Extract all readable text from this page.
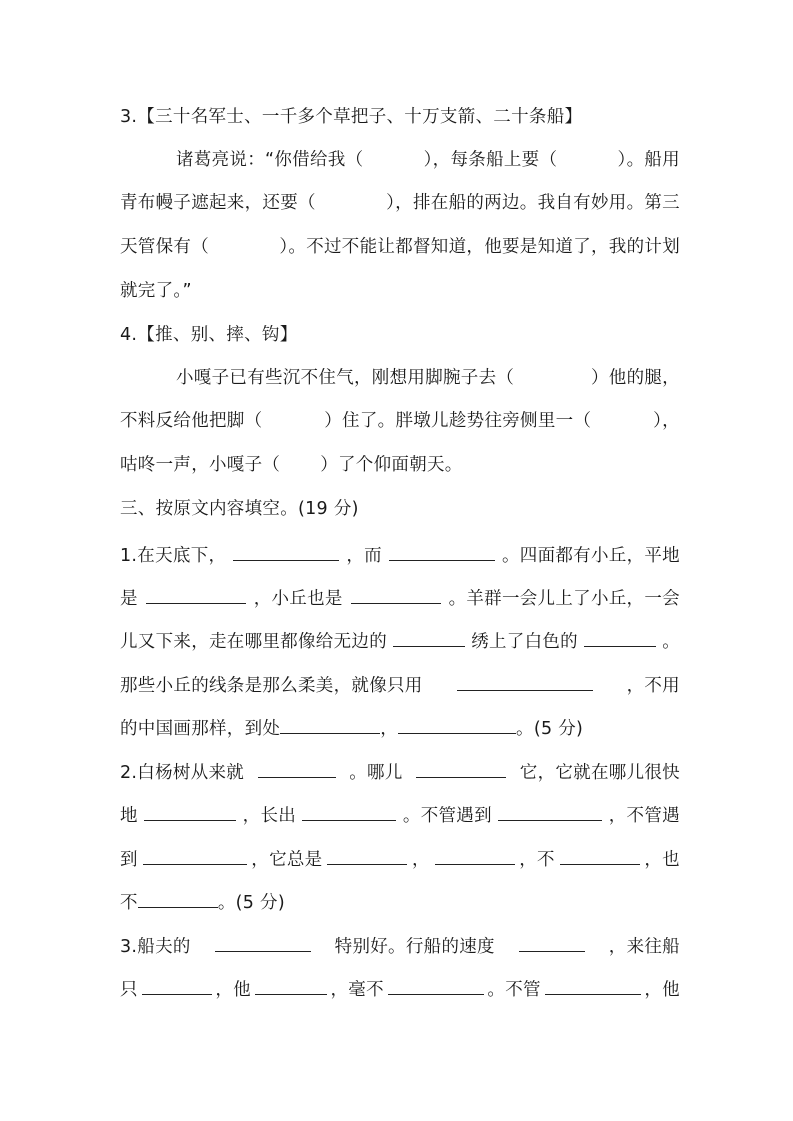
3.【三十名军士、一千多个草把子、十万支箭、二十条船】
诸葛亮说：“你借给我（	），每条船上要（	）。船用
青布幔子遮起来，还要（	），排在船的两边。我自有妙用。第三
天管保有（	）。不过不能让都督知道，他要是知道了，我的计划
就完了。”
4.【推、别、摔、钩】
小嘎子已有些沉不住气，刚想用脚腕子去（	）他的腿，
不料反给他把脚（	）住了。胖墩儿趁势往旁侧里一（	），
咕咚一声，小嘎子（ ）了个仰面朝天。
三、按原文内容填空。(19 分)
1.在天底下，	，而	。四面都有小丘，平地
是	，小丘也是	。羊群一会儿上了小丘，一会
儿又下来，走在哪里都像给无边的	绣上了白色的	。
那些小丘的线条是那么柔美，就像只用	，不用
的中国画那样，到处	，	。(5 分)
2.白杨树从来就	。哪儿	它，它就在哪儿很快
地	，长出	。不管遇到	，不管遇
到	，它总是	，	，不	，也
不	。(5 分)
3.船夫的	特别好。行船的速度	，来往船
只	，他	，毫不	。不管	，他
